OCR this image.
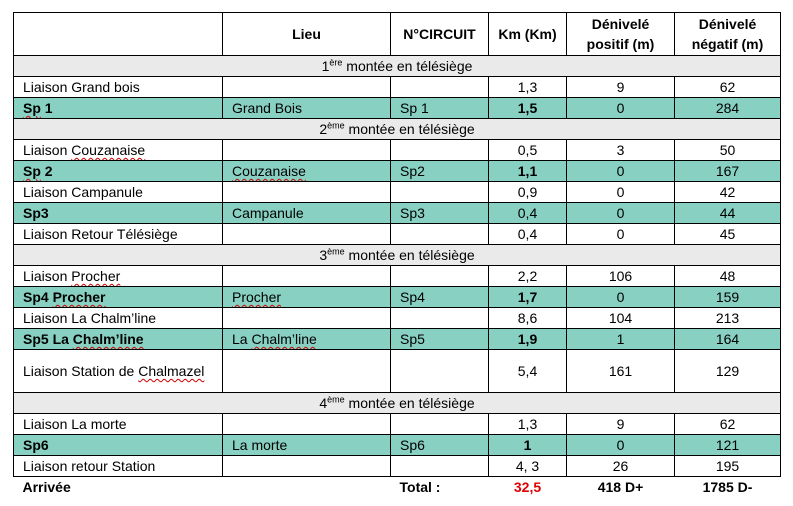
	Lieu	N°CIRCUIT	Km (Km)	Dénivelé positif (m)	Dénivelé négatif (m)
1ère montée en télésiège					
Liaison Grand bois			1,3	9	62
Sp 1	Grand Bois	Sp 1	1,5	0	284
2ème montée en télésiège					
Liaison Couzanaise			0,5	3	50
Sp 2	Couzanaise	Sp2	1,1	0	167
Liaison Campanule			0,9	0	42
Sp3	Campanule	Sp3	0,4	0	44
Liaison Retour Télésiège			0,4	0	45
3ème montée en télésiège					
Liaison Procher			2,2	106	48
Sp4 Procher	Procher	Sp4	1,7	0	159
Liaison La Chalm’line			8,6	104	213
Sp5 La Chalm’line	La Chalm’line	Sp5	1,9	1	164
Liaison Station de Chalmazel			5,4	161	129
4ème montée en télésiège					
Liaison La morte			1,3	9	62
Sp6	La morte	Sp6	1	0	121
Liaison retour Station			4, 3	26	195
Arrivée		Total :	32,5	418 D+	1785 D-
